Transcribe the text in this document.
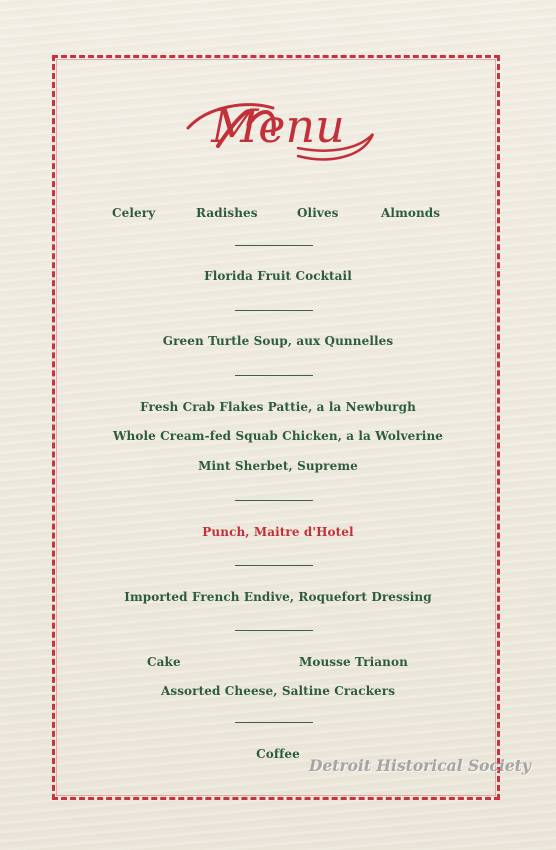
Menu
Celery	Radishes	Olives	Almonds
Florida Fruit Cocktail
Green Turtle Soup, aux Qunnelles
Fresh Crab Flakes Pattie, a la Newburgh
Whole Cream-fed Squab Chicken, a la Wolverine
Mint Sherbet, Supreme
Punch, Maitre d'Hotel
Imported French Endive, Roquefort Dressing
Cake	Mousse Trianon
Assorted Cheese, Saltine Crackers
Coffee
Detroit Historical Society
